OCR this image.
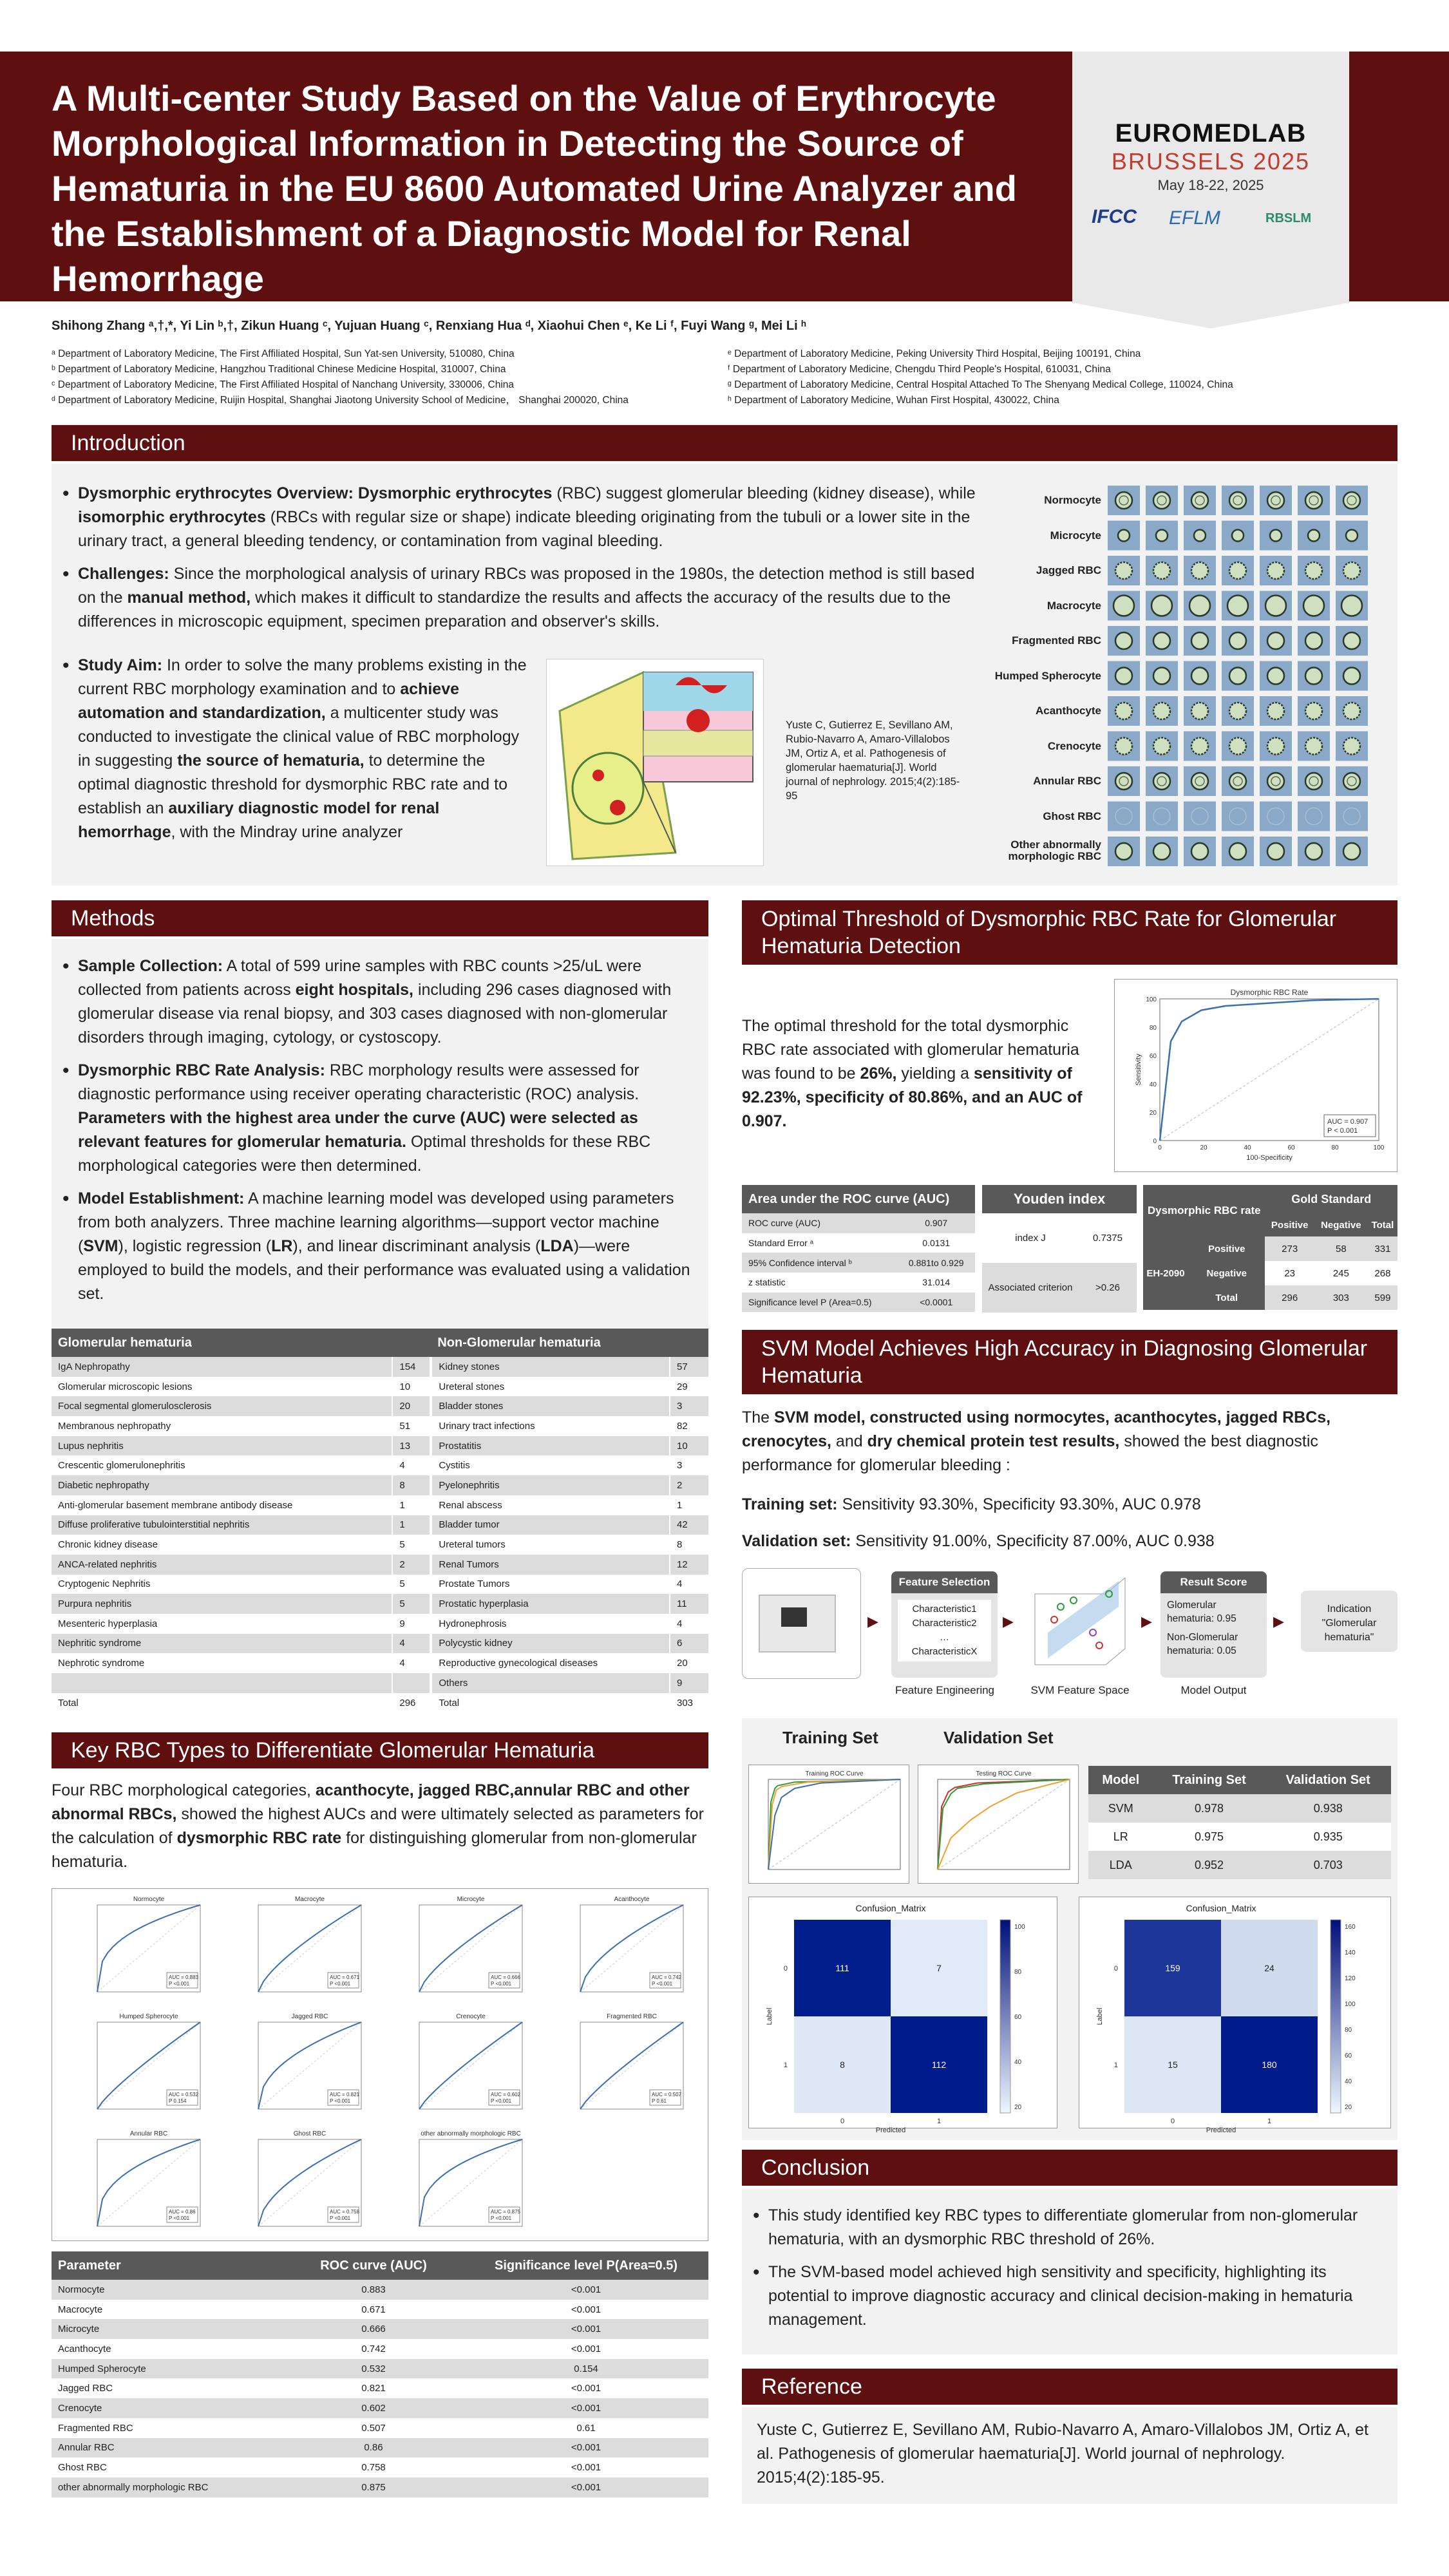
A Multi-center Study Based on the Value of Erythrocyte Morphological Information in Detecting the Source of Hematuria in the EU 8600 Automated Urine Analyzer and the Establishment of a Diagnostic Model for Renal Hemorrhage
EUROMEDLAB
BRUSSELS 2025
May 18-22, 2025
IFCC EFLM	RBSLM
Shihong Zhang ᵃ,†,*, Yi Lin ᵇ,†, Zikun Huang ᶜ, Yujuan Huang ᶜ, Renxiang Hua ᵈ, Xiaohui Chen ᵉ, Ke Li ᶠ, Fuyi Wang ᵍ, Mei Li ʰ
ᵃ Department of Laboratory Medicine, The First Affiliated Hospital, Sun Yat-sen University, 510080, China
ᵇ Department of Laboratory Medicine, Hangzhou Traditional Chinese Medicine Hospital, 310007, China
ᶜ Department of Laboratory Medicine, The First Affiliated Hospital of Nanchang University, 330006, China
ᵈ Department of Laboratory Medicine, Ruijin Hospital, Shanghai Jiaotong University School of Medicine， Shanghai 200020, China
ᵉ Department of Laboratory Medicine, Peking University Third Hospital, Beijing 100191, China
ᶠ Department of Laboratory Medicine, Chengdu Third People's Hospital, 610031, China
ᵍ Department of Laboratory Medicine, Central Hospital Attached To The Shenyang Medical College, 110024, China
ʰ Department of Laboratory Medicine, Wuhan First Hospital, 430022, China
Introduction
• Dysmorphic erythrocytes Overview: Dysmorphic erythrocytes (RBC) suggest glomerular bleeding (kidney disease), while isomorphic erythrocytes (RBCs with regular size or shape) indicate bleeding originating from the tubuli or a lower site in the urinary tract, a general bleeding tendency, or contamination from vaginal bleeding.
• Challenges: Since the morphological analysis of urinary RBCs was proposed in the 1980s, the detection method is still based on the manual method, which makes it difficult to standardize the results and affects the accuracy of the results due to the differences in microscopic equipment, specimen preparation and observer's skills.
• Study Aim: In order to solve the many problems existing in the current RBC morphology examination and to achieve automation and standardization, a multicenter study was conducted to investigate the clinical value of RBC morphology in suggesting the source of hematuria, to determine the optimal diagnostic threshold for dysmorphic RBC rate and to establish an auxiliary diagnostic model for renal hemorrhage, with the Mindray urine analyzer
Yuste C, Gutierrez E, Sevillano AM, Rubio-Navarro A, Amaro-Villalobos JM, Ortiz A, et al. Pathogenesis of glomerular haematuria[J]. World journal of nephrology. 2015;4(2):185-95
Normocyte
Microcyte
Jagged RBC
Macrocyte
Fragmented RBC
Humped Spherocyte
Acanthocyte
Crenocyte
Annular RBC
Ghost RBC
Other abnormally morphologic RBC
Methods
• Sample Collection: A total of 599 urine samples with RBC counts >25/uL were collected from patients across eight hospitals, including 296 cases diagnosed with glomerular disease via renal biopsy, and 303 cases diagnosed with non-glomerular disorders through imaging, cytology, or cystoscopy.
• Dysmorphic RBC Rate Analysis: RBC morphology results were assessed for diagnostic performance using receiver operating characteristic (ROC) analysis. Parameters with the highest area under the curve (AUC) were selected as relevant features for glomerular hematuria. Optimal thresholds for these RBC morphological categories were then determined.
• Model Establishment: A machine learning model was developed using parameters from both analyzers. Three machine learning algorithms—support vector machine (SVM), logistic regression (LR), and linear discriminant analysis (LDA)—were employed to build the models, and their performance was evaluated using a validation set.
Glomerular hematuria		Non-Glomerular hematuria	
IgA Nephropathy	154	Kidney stones	57
Glomerular microscopic lesions	10	Ureteral stones	29
Focal segmental glomerulosclerosis	20	Bladder stones	3
Membranous nephropathy	51	Urinary tract infections	82
Lupus nephritis	13	Prostatitis	10
Crescentic glomerulonephritis	4	Cystitis	3
Diabetic nephropathy	8	Pyelonephritis	2
Anti-glomerular basement membrane antibody disease	1	Renal abscess	1
Diffuse proliferative tubulointerstitial nephritis	1	Bladder tumor	42
Chronic kidney disease	5	Ureteral tumors	8
ANCA-related nephritis	2	Renal Tumors	12
Cryptogenic Nephritis	5	Prostate Tumors	4
Purpura nephritis	5	Prostatic hyperplasia	11
Mesenteric hyperplasia	9	Hydronephrosis	4
Nephritic syndrome	4	Polycystic kidney	6
Nephrotic syndrome	4	Reproductive gynecological diseases	20
		Others	9
Total	296	Total	303
Key RBC Types to Differentiate Glomerular Hematuria
Four RBC morphological categories, acanthocyte, jagged RBC,annular RBC and other abnormal RBCs, showed the highest AUCs and were ultimately selected as parameters for the calculation of dysmorphic RBC rate for distinguishing glomerular from non-glomerular hematuria.
Normocyte
AUC = 0.883
P <0.001
Macrocyte
AUC = 0.671
P <0.001
Microcyte
AUC = 0.666
P <0.001
Acanthocyte
AUC = 0.742
P <0.001
Humped Spherocyte
AUC = 0.532
P 0.154
Jagged RBC
AUC = 0.821
P <0.001
Crenocyte
AUC = 0.602
P <0.001
Fragmented RBC
AUC = 0.507
P 0.61
Annular RBC
AUC = 0.86
P <0.001
Ghost RBC
AUC = 0.758
P <0.001
other abnormally morphologic RBC
AUC = 0.875
P <0.001
Parameter	ROC curve (AUC)	Significance level P(Area=0.5)
Normocyte	0.883	<0.001
Macrocyte	0.671	<0.001
Microcyte	0.666	<0.001
Acanthocyte	0.742	<0.001
Humped Spherocyte	0.532	0.154
Jagged RBC	0.821	<0.001
Crenocyte	0.602	<0.001
Fragmented RBC	0.507	0.61
Annular RBC	0.86	<0.001
Ghost RBC	0.758	<0.001
other abnormally morphologic RBC	0.875	<0.001
Optimal Threshold of Dysmorphic RBC Rate for Glomerular Hematuria Detection
The optimal threshold for the total dysmorphic RBC rate associated with glomerular hematuria was found to be 26%, yielding a sensitivity of 92.23%, specificity of 80.86%, and an AUC of 0.907.
Dysmorphic RBC Rate
0
0
20
20
40
40
60
60
80
80
100
100
100-Specificity
Sensitivity
AUC = 0.907
P < 0.001
Area under the ROC curve (AUC)	
ROC curve (AUC)	0.907
Standard Error ᵃ	0.0131
95% Confidence interval ᵇ	0.881to 0.929
z statistic	31.014
Significance level P (Area=0.5)	<0.0001
Youden index
index J	0.7375
Associated criterion	>0.26
Dysmorphic RBC rate		Gold Standard		
		Positive	Negative	Total
EH-2090	Positive	273	58	331
	Negative	23	245	268
	Total	296	303	599
SVM Model Achieves High Accuracy in Diagnosing Glomerular Hematuria
The SVM model, constructed using normocytes, acanthocytes, jagged RBCs, crenocytes, and dry chemical protein test results, showed the best diagnostic performance for glomerular bleeding :
Training set: Sensitivity 93.30%, Specificity 93.30%, AUC 0.978
Validation set: Sensitivity 91.00%, Specificity 87.00%, AUC 0.938
▶
Feature Selection
Characteristic1
Characteristic2
…
CharacteristicX
Feature Engineering
▶
SVM Feature Space
▶
Result Score
Glomerular hematuria: 0.95
Non-Glomerular hematuria: 0.05
Model Output
▶
Indication "Glomerular hematuria"
Training Set	Validation Set
Training ROC Curve	Testing ROC Curve	Model	Training Set	Validation Set
SVM	0.978	0.938
LR	0.975	0.935
LDA	0.952	0.703
Confusion_Matrix
111	7
8	112
0
0
1
1
Predicted
Label
100
80
60
40
20
Confusion_Matrix
159	24
15	180
0
0
1
1
Predicted
Label
160
140
120
100
80
60
40
20
Conclusion
• This study identified key RBC types to differentiate glomerular from non-glomerular hematuria, with an dysmorphic RBC threshold of 26%.
• The SVM-based model achieved high sensitivity and specificity, highlighting its potential to improve diagnostic accuracy and clinical decision-making in hematuria management.
Reference
Yuste C, Gutierrez E, Sevillano AM, Rubio-Navarro A, Amaro-Villalobos JM, Ortiz A, et al. Pathogenesis of glomerular haematuria[J]. World journal of nephrology. 2015;4(2):185-95.
